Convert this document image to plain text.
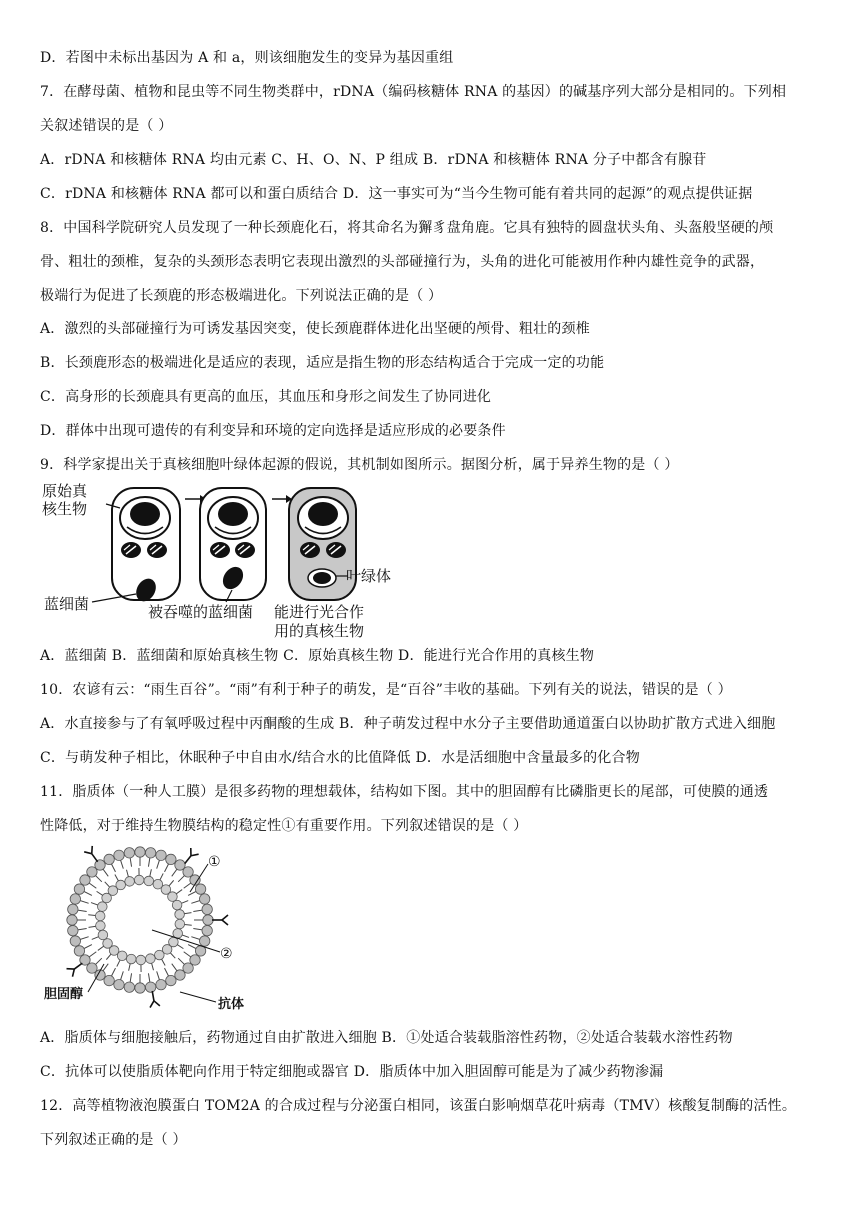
D．若图中未标出基因为 A 和 a，则该细胞发生的变异为基因重组
7．在酵母菌、植物和昆虫等不同生物类群中，rDNA（编码核糖体 RNA 的基因）的碱基序列大部分是相同的。下列相
关叙述错误的是（ ）
A．rDNA 和核糖体 RNA 均由元素 C、H、O、N、P 组成 B．rDNA 和核糖体 RNA 分子中都含有腺苷
C．rDNA 和核糖体 RNA 都可以和蛋白质结合 D．这一事实可为“当今生物可能有着共同的起源”的观点提供证据
8．中国科学院研究人员发现了一种长颈鹿化石，将其命名为獬豸盘角鹿。它具有独特的圆盘状头角、头盔般坚硬的颅
骨、粗壮的颈椎，复杂的头颈形态表明它表现出激烈的头部碰撞行为，头角的进化可能被用作种内雄性竞争的武器，
极端行为促进了长颈鹿的形态极端进化。下列说法正确的是（ ）
A．激烈的头部碰撞行为可诱发基因突变，使长颈鹿群体进化出坚硬的颅骨、粗壮的颈椎
B．长颈鹿形态的极端进化是适应的表现，适应是指生物的形态结构适合于完成一定的功能
C．高身形的长颈鹿具有更高的血压，其血压和身形之间发生了协同进化
D．群体中出现可遗传的有利变异和环境的定向选择是适应形成的必要条件
9．科学家提出关于真核细胞叶绿体起源的假说，其机制如图所示。据图分析，属于异养生物的是（ ）
原始真
核生物
叶绿体
蓝细菌	被吞噬的蓝细菌 能进行光合作
用的真核生物
A．蓝细菌 B．蓝细菌和原始真核生物 C．原始真核生物 D．能进行光合作用的真核生物
10．农谚有云：“雨生百谷”。“雨”有利于种子的萌发，是“百谷”丰收的基础。下列有关的说法，错误的是（ ）
A．水直接参与了有氧呼吸过程中丙酮酸的生成 B．种子萌发过程中水分子主要借助通道蛋白以协助扩散方式进入细胞
C．与萌发种子相比，休眠种子中自由水/结合水的比值降低 D．水是活细胞中含量最多的化合物
11．脂质体（一种人工膜）是很多药物的理想载体，结构如下图。其中的胆固醇有比磷脂更长的尾部，可使膜的通透
性降低，对于维持生物膜结构的稳定性①有重要作用。下列叙述错误的是（ ）
①
②
胆固醇
抗体
A．脂质体与细胞接触后，药物通过自由扩散进入细胞 B．①处适合装载脂溶性药物，②处适合装载水溶性药物
C．抗体可以使脂质体靶向作用于特定细胞或器官 D．脂质体中加入胆固醇可能是为了减少药物渗漏
12．高等植物液泡膜蛋白 TOM2A 的合成过程与分泌蛋白相同，该蛋白影响烟草花叶病毒（TMV）核酸复制酶的活性。
下列叙述正确的是（ ）
